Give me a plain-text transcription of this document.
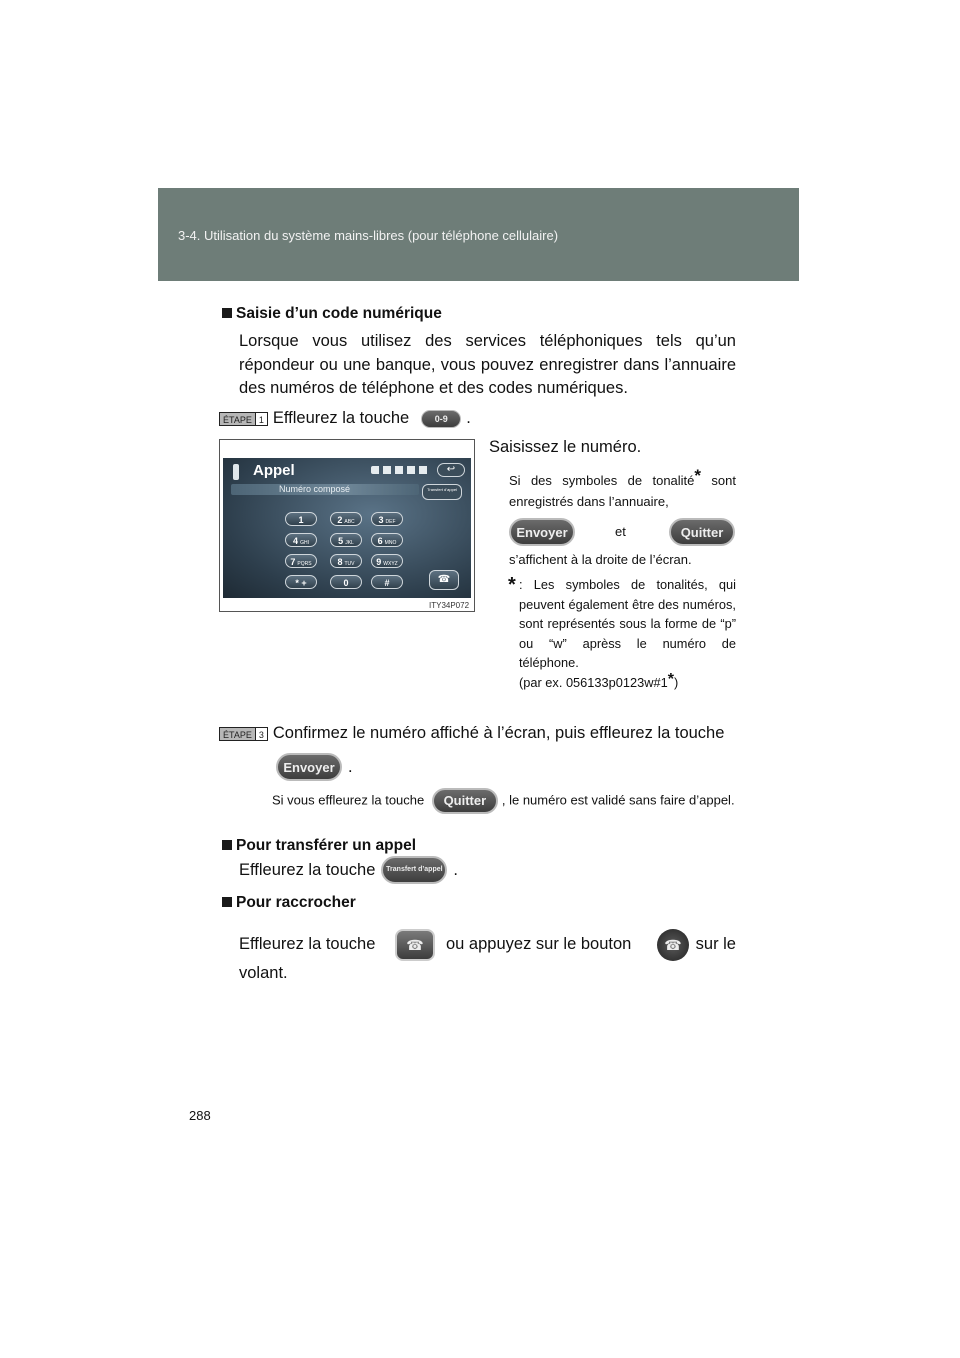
3-4. Utilisation du système mains-libres (pour téléphone cellulaire)
Saisie d’un code numérique
Lorsque vous utilisez des services téléphoniques tels qu’un répondeur ou une banque, vous pouvez enregistrer dans l’annuaire des numéros de téléphone et des codes numériques.
ÉTAPE 1 Effleurez la touche	0-9	.
Appel	↩
Numéro composé	Transfert d’appel
1	2 ABC	3 DEF
4 GHI	5 JKL	6 MNO
7 PQRS	8 TUV	9 WXYZ
* +	0	#	☎
ITY34P072
Saisissez le numéro.
Si des symboles de tonalité* sont enregistrés dans l’annuaire,
Envoyer	et	Quitter
s’affichent à la droite de l’écran.
* : Les symboles de tonalités, qui peuvent également être des numéros, sont représentés sous la forme de “p” ou “w” aprèss le numéro de téléphone.
(par ex. 056133p0123w#1*)
ÉTAPE 3 Confirmez le numéro affiché à l’écran, puis effleurez la touche
Envoyer .
Si vous effleurez la touche Quitter , le numéro est validé sans faire d’appel.
Pour transférer un appel
Effleurez la touche	Transfert d’appel .
Pour raccrocher
Effleurez la touche	☎	ou appuyez sur le bouton	☎ sur le
volant.
288
